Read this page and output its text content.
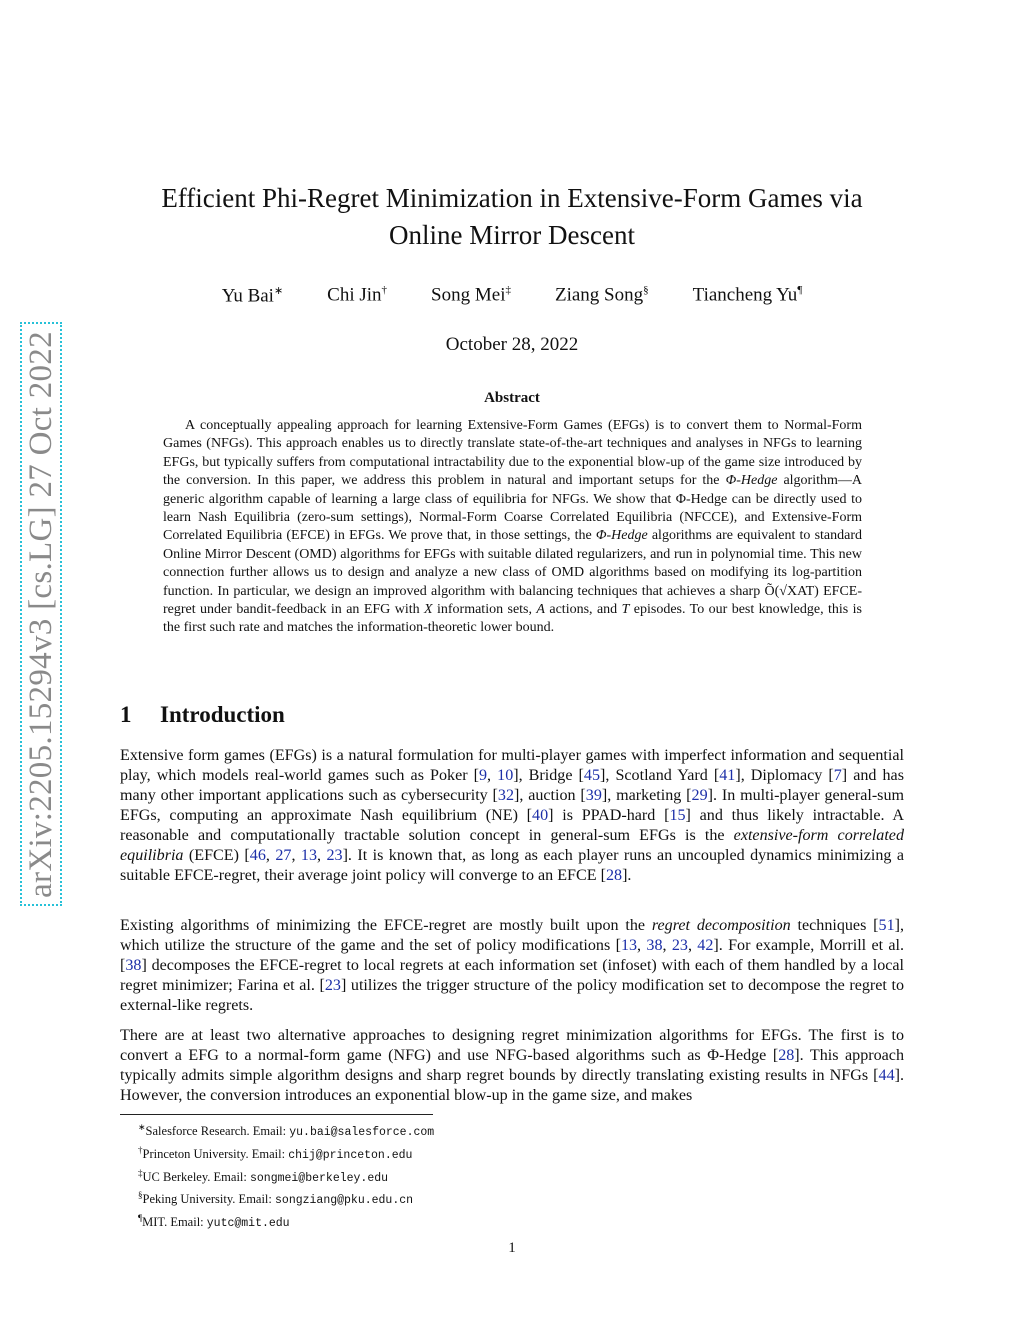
arXiv:2205.15294v3 [cs.LG] 27 Oct 2022
Efficient Phi-Regret Minimization in Extensive-Form Games via
Online Mirror Descent
Yu Bai∗ Chi Jin† Song Mei‡ Ziang Song§ Tiancheng Yu¶
October 28, 2022
Abstract

A conceptually appealing approach for learning Extensive-Form Games (EFGs) is to convert them to Normal-Form Games (NFGs). This approach enables us to directly translate state-of-the-art techniques and analyses in NFGs to learning EFGs, but typically suffers from computational intractability due to the exponential blow-up of the game size introduced by the conversion. In this paper, we address this problem in natural and important setups for the Φ-Hedge algorithm—A generic algorithm capable of learning a large class of equilibria for NFGs. We show that Φ-Hedge can be directly used to learn Nash Equilibria (zero-sum settings), Normal-Form Coarse Correlated Equilibria (NFCCE), and Extensive-Form Correlated Equilibria (EFCE) in EFGs. We prove that, in those settings, the Φ-Hedge algorithms are equivalent to standard Online Mirror Descent (OMD) algorithms for EFGs with suitable dilated regularizers, and run in polynomial time. This new connection further allows us to design and analyze a new class of OMD algorithms based on modifying its log-partition function. In particular, we design an improved algorithm with balancing techniques that achieves a sharp Õ(√XAT) EFCE-regret under bandit-feedback in an EFG with X information sets, A actions, and T episodes. To our best knowledge, this is the first such rate and matches the information-theoretic lower bound.

1 Introduction

Extensive form games (EFGs) is a natural formulation for multi-player games with imperfect information and sequential play, which models real-world games such as Poker [9, 10], Bridge [45], Scotland Yard [41], Diplomacy [7] and has many other important applications such as cybersecurity [32], auction [39], marketing [29]. In multi-player general-sum EFGs, computing an approximate Nash equilibrium (NE) [40] is PPAD-hard [15] and thus likely intractable. A reasonable and computationally tractable solution concept in general-sum EFGs is the extensive-form correlated equilibria (EFCE) [46, 27, 13, 23]. It is known that, as long as each player runs an uncoupled dynamics minimizing a suitable EFCE-regret, their average joint policy will converge to an EFCE [28].

Existing algorithms of minimizing the EFCE-regret are mostly built upon the regret decomposition techniques [51], which utilize the structure of the game and the set of policy modifications [13, 38, 23, 42]. For example, Morrill et al. [38] decomposes the EFCE-regret to local regrets at each information set (infoset) with each of them handled by a local regret minimizer; Farina et al. [23] utilizes the trigger structure of the policy modification set to decompose the regret to external-like regrets.

There are at least two alternative approaches to designing regret minimization algorithms for EFGs. The first is to convert a EFG to a normal-form game (NFG) and use NFG-based algorithms such as Φ-Hedge [28]. This approach typically admits simple algorithm designs and sharp regret bounds by directly translating existing results in NFGs [44]. However, the conversion introduces an exponential blow-up in the game size, and makes

∗Salesforce Research. Email: yu.bai@salesforce.com
†Princeton University. Email: chij@princeton.edu
‡UC Berkeley. Email: songmei@berkeley.edu
§Peking University. Email: songziang@pku.edu.cn
¶MIT. Email: yutc@mit.edu
1
